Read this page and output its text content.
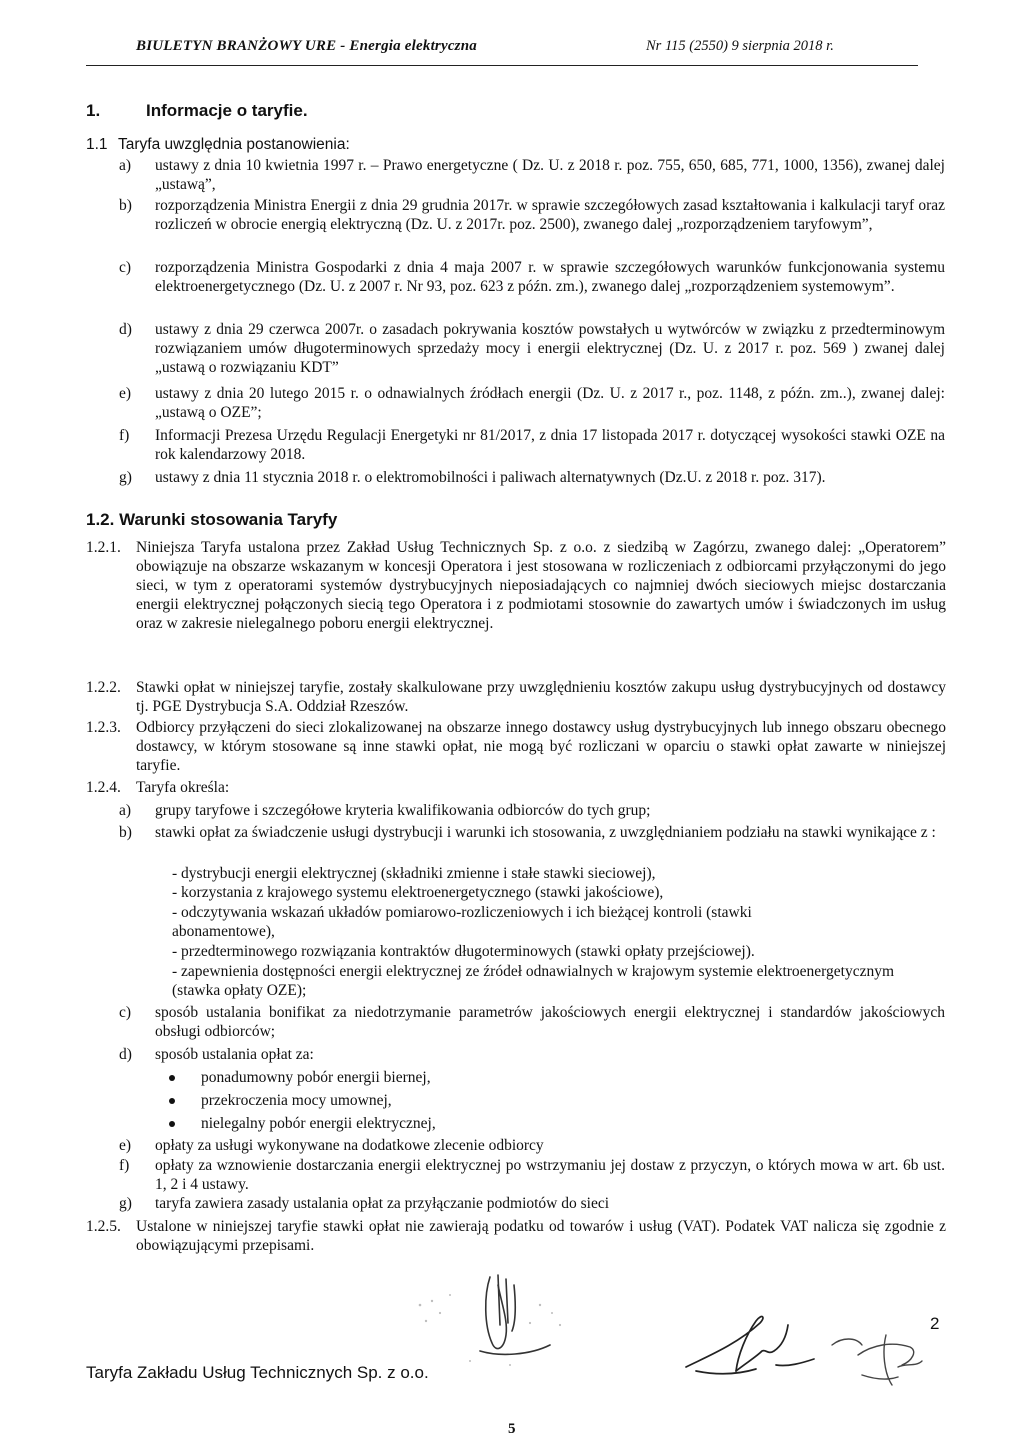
BIULETYN BRANŻOWY URE - Energia elektryczna	Nr 115 (2550) 9 sierpnia 2018 r.
1.	Informacje o taryfie.
1.1 Taryfa uwzględnia postanowienia:
a) ustawy z dnia 10 kwietnia 1997 r. – Prawo energetyczne ( Dz. U. z 2018 r. poz. 755, 650, 685, 771, 1000, 1356), zwanej dalej „ustawą”,
b) rozporządzenia Ministra Energii z dnia 29 grudnia 2017r. w sprawie szczegółowych zasad kształtowania i kalkulacji taryf oraz rozliczeń w obrocie energią elektryczną (Dz. U. z 2017r. poz. 2500), zwanego dalej „rozporządzeniem taryfowym”,
c) rozporządzenia Ministra Gospodarki z dnia 4 maja 2007 r. w sprawie szczegółowych warunków funkcjonowania systemu elektroenergetycznego (Dz. U. z 2007 r. Nr 93, poz. 623 z późn. zm.), zwanego dalej „rozporządzeniem systemowym”.
d) ustawy z dnia 29 czerwca 2007r. o zasadach pokrywania kosztów powstałych u wytwórców w związku z przedterminowym rozwiązaniem umów długoterminowych sprzedaży mocy i energii elektrycznej (Dz. U. z 2017 r. poz. 569 ) zwanej dalej „ustawą o rozwiązaniu KDT”
e) ustawy z dnia 20 lutego 2015 r. o odnawialnych źródłach energii (Dz. U. z 2017 r., poz. 1148, z późn. zm..), zwanej dalej: „ustawą o OZE”;
f) Informacji Prezesa Urzędu Regulacji Energetyki nr 81/2017, z dnia 17 listopada 2017 r. dotyczącej wysokości stawki OZE na rok kalendarzowy 2018.
g) ustawy z dnia 11 stycznia 2018 r. o elektromobilności i paliwach alternatywnych (Dz.U. z 2018 r. poz. 317).
1.2. Warunki stosowania Taryfy
1.2.1. Niniejsza Taryfa ustalona przez Zakład Usług Technicznych Sp. z o.o. z siedzibą w Zagórzu, zwanego dalej: „Operatorem” obowiązuje na obszarze wskazanym w koncesji Operatora i jest stosowana w rozliczeniach z odbiorcami przyłączonymi do jego sieci, w tym z operatorami systemów dystrybucyjnych nieposiadających co najmniej dwóch sieciowych miejsc dostarczania energii elektrycznej połączonych siecią tego Operatora i z podmiotami stosownie do zawartych umów i świadczonych im usług oraz w zakresie nielegalnego poboru energii elektrycznej.
1.2.2. Stawki opłat w niniejszej taryfie, zostały skalkulowane przy uwzględnieniu kosztów zakupu usług dystrybucyjnych od dostawcy tj. PGE Dystrybucja S.A. Oddział Rzeszów.
1.2.3. Odbiorcy przyłączeni do sieci zlokalizowanej na obszarze innego dostawcy usług dystrybucyjnych lub innego obszaru obecnego dostawcy, w którym stosowane są inne stawki opłat, nie mogą być rozliczani w oparciu o stawki opłat zawarte w niniejszej taryfie.
1.2.4. Taryfa określa:
a) grupy taryfowe i szczegółowe kryteria kwalifikowania odbiorców do tych grup;
b) stawki opłat za świadczenie usługi dystrybucji i warunki ich stosowania, z uwzględnianiem podziału na stawki wynikające z :
- dystrybucji energii elektrycznej (składniki zmienne i stałe stawki sieciowej),
- korzystania z krajowego systemu elektroenergetycznego (stawki jakościowe),
- odczytywania wskazań układów pomiarowo-rozliczeniowych i ich bieżącej kontroli (stawki abonamentowe),
- przedterminowego rozwiązania kontraktów długoterminowych (stawki opłaty przejściowej).
- zapewnienia dostępności energii elektrycznej ze źródeł odnawialnych w krajowym systemie elektroenergetycznym (stawka opłaty OZE);
c) sposób ustalania bonifikat za niedotrzymanie parametrów jakościowych energii elektrycznej i standardów jakościowych obsługi odbiorców;
d) sposób ustalania opłat za:
ponadumowny pobór energii biernej,
przekroczenia mocy umownej,
nielegalny pobór energii elektrycznej,
e) opłaty za usługi wykonywane na dodatkowe zlecenie odbiorcy
f) opłaty za wznowienie dostarczania energii elektrycznej po wstrzymaniu jej dostaw z przyczyn, o których mowa w art. 6b ust. 1, 2 i 4 ustawy.
g) taryfa zawiera zasady ustalania opłat za przyłączanie podmiotów do sieci
1.2.5. Ustalone w niniejszej taryfie stawki opłat nie zawierają podatku od towarów i usług (VAT). Podatek VAT nalicza się zgodnie z obowiązującymi przepisami.
Taryfa Zakładu Usług Technicznych Sp. z o.o.
2
5
